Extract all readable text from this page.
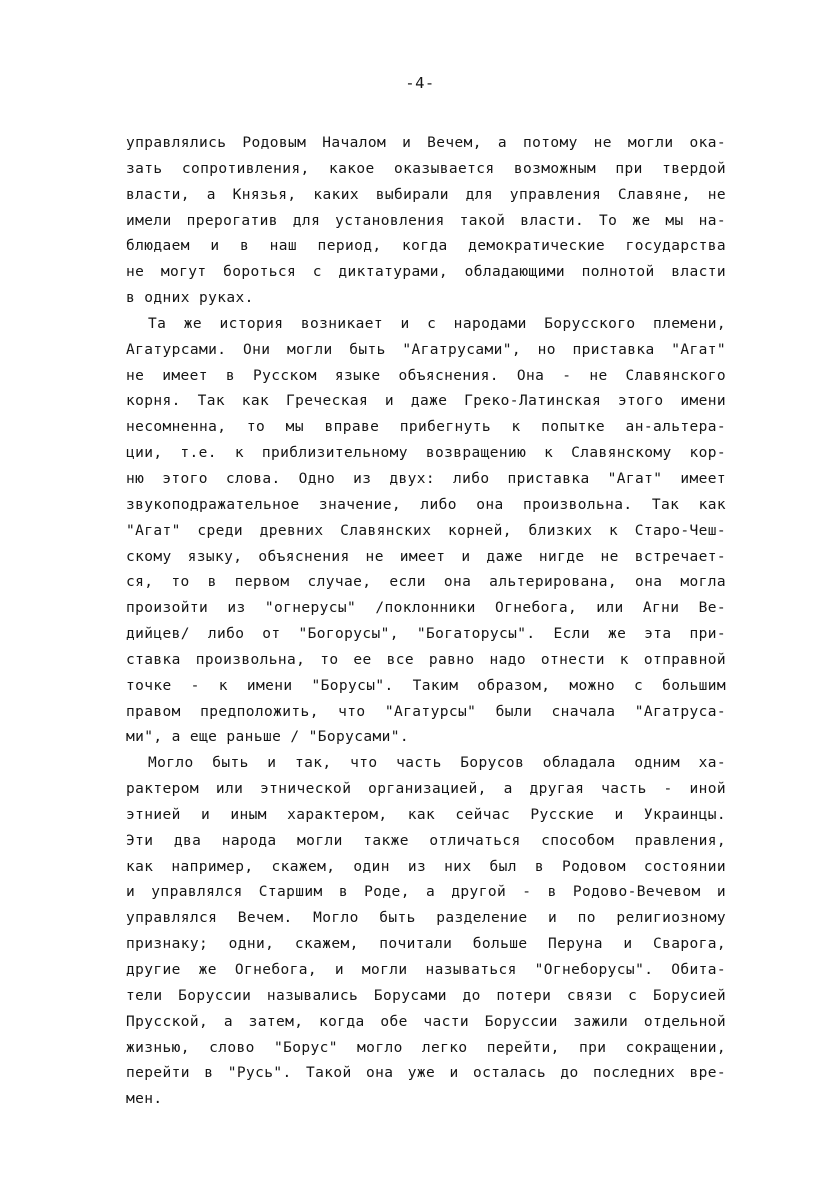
-4-
управлялись Родовым Началом и Вечем, а потому не могли ока-
зать сопротивления, какое оказывается возможным при твердой
власти, а Князья, каких выбирали для управления Славяне, не
имели прерогатив для установления такой власти. То же мы на-
блюдаем и в наш период, когда демократические государства
не могут бороться с диктатурами, обладающими полнотой власти
в одних руках.
Та же история возникает и с народами Борусского племени,
Агатурсами. Они могли быть "Агатрусами", но приставка "Агат"
не имеет в Русском языке объяснения. Она - не Славянского
корня. Так как Греческая и даже Греко-Латинская этого имени
несомненна, то мы вправе прибегнуть к попытке ан-альтера-
ции, т.е. к приблизительному возвращению к Славянскому кор-
ню этого слова. Одно из двух: либо приставка "Агат" имеет
звукоподражательное значение, либо она произвольна. Так как
"Агат" среди древних Славянских корней, близких к Старо-Чеш-
скому языку, объяснения не имеет и даже нигде не встречает-
ся, то в первом случае, если она альтерирована, она могла
произойти из "огнерусы" /поклонники Огнебога, или Агни Ве-
дийцев/ либо от "Богорусы", "Богаторусы". Если же эта при-
ставка произвольна, то ее все равно надо отнести к отправной
точке - к имени "Борусы". Таким образом, можно с большим
правом предположить, что "Агатурсы" были сначала "Агатруса-
ми", а еще раньше / "Борусами".
Могло быть и так, что часть Борусов обладала одним ха-
рактером или этнической организацией, а другая часть - иной
этнией и иным характером, как сейчас Русские и Украинцы.
Эти два народа могли также отличаться способом правления,
как например, скажем, один из них был в Родовом состоянии
и управлялся Старшим в Роде, а другой - в Родово-Вечевом и
управлялся Вечем. Могло быть разделение и по религиозному
признаку; одни, скажем, почитали больше Перуна и Сварога,
другие же Огнебога, и могли называться "Огнеборусы". Обита-
тели Боруссии назывались Борусами до потери связи с Борусией
Прусской, а затем, когда обе части Боруссии зажили отдельной
жизнью, слово "Борус" могло легко перейти, при сокращении,
перейти в "Русь". Такой она уже и осталась до последних вре-
мен.
